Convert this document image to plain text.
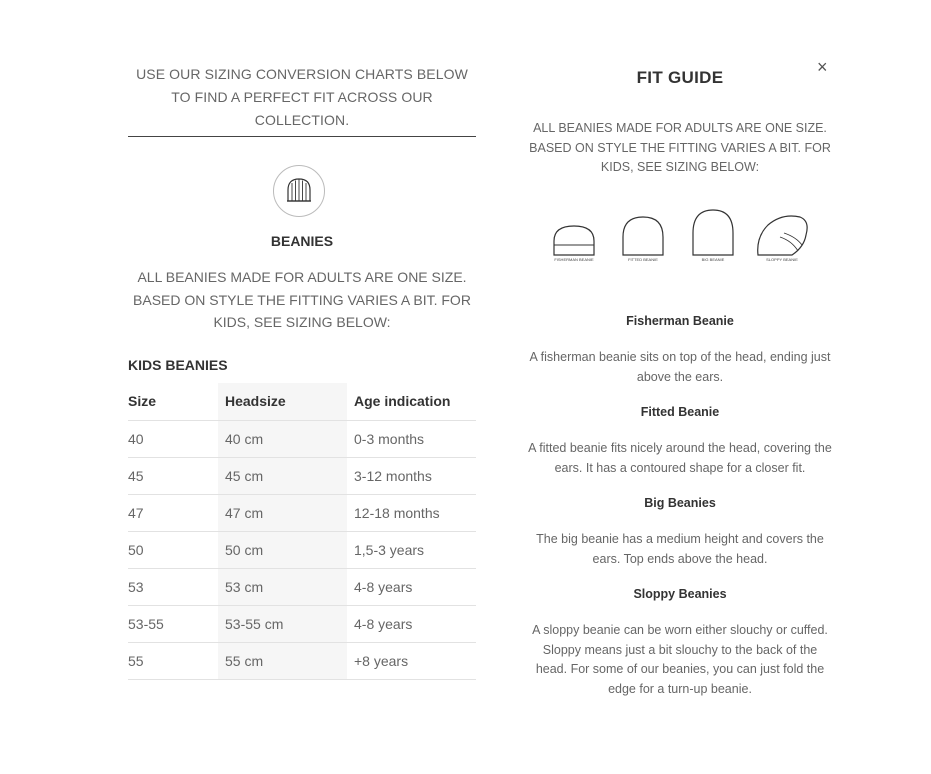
USE OUR SIZING CONVERSION CHARTS BELOW TO FIND A PERFECT FIT ACROSS OUR COLLECTION.
BEANIES
ALL BEANIES MADE FOR ADULTS ARE ONE SIZE. BASED ON STYLE THE FITTING VARIES A BIT. FOR KIDS, SEE SIZING BELOW:
KIDS BEANIES
Size	Headsize	Age indication
40	40 cm	0-3 months
45	45 cm	3-12 months
47	47 cm	12-18 months
50	50 cm	1,5-3 years
53	53 cm	4-8 years
53-55	53-55 cm	4-8 years
55	55 cm	+8 years
FIT GUIDE
×
ALL BEANIES MADE FOR ADULTS ARE ONE SIZE. BASED ON STYLE THE FITTING VARIES A BIT. FOR KIDS, SEE SIZING BELOW:
FISHERMAN BEANIE	FITTED BEANIE	BIG BEANIE	SLOPPY BEANIE
Fisherman Beanie
A fisherman beanie sits on top of the head, ending just above the ears.
Fitted Beanie
A fitted beanie fits nicely around the head, covering the ears. It has a contoured shape for a closer fit.
Big Beanies
The big beanie has a medium height and covers the ears. Top ends above the head.
Sloppy Beanies
A sloppy beanie can be worn either slouchy or cuffed. Sloppy means just a bit slouchy to the back of the head. For some of our beanies, you can just fold the edge for a turn-up beanie.
